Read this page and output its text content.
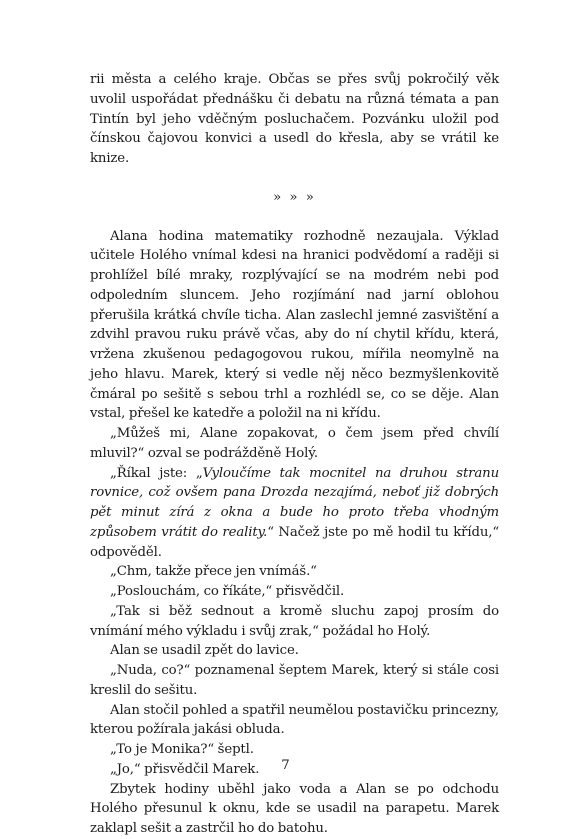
rii města a celého kraje. Občas se přes svůj pokročilý věk uvolil uspořádat přednášku či debatu na různá témata a pan Tintín byl jeho vděčným posluchačem. Pozvánku uložil pod čínskou čajovou konvici a usedl do křesla, aby se vrátil ke knize.

» » »

Alana hodina matematiky rozhodně nezaujala. Výklad učitele Holého vnímal kdesi na hranici podvědomí a raději si prohlížel bílé mraky, rozplývající se na modrém nebi pod odpoledním sluncem. Jeho rozjímání nad jarní oblohou přerušila krátká chvíle ticha. Alan zaslechl jemné zasvištění a zdvihl pravou ruku právě včas, aby do ní chytil křídu, která, vržena zkušenou pedagogovou rukou, mířila neomylně na jeho hlavu. Marek, který si vedle něj něco bezmyšlenkovitě čmáral po sešitě s sebou trhl a rozhlédl se, co se děje. Alan vstal, přešel ke katedře a položil na ni křídu.

„Můžeš mi, Alane zopakovat, o čem jsem před chvílí mluvil?“ ozval se podrážděně Holý.

„Říkal jste: „Vyloučíme tak mocnitel na druhou stranu rovnice, což ovšem pana Drozda nezajímá, neboť již dobrých pět minut zírá z okna a bude ho proto třeba vhodným způsobem vrátit do reality.“ Načež jste po mě hodil tu křídu,“ odpověděl.

„Chm, takže přece jen vnímáš.“

„Poslouchám, co říkáte,“ přisvědčil.

„Tak si běž sednout a kromě sluchu zapoj prosím do vnímání mého výkladu i svůj zrak,“ požádal ho Holý.

Alan se usadil zpět do lavice.

„Nuda, co?“ poznamenal šeptem Marek, který si stále cosi kreslil do sešitu.

Alan stočil pohled a spatřil neumělou postavičku princezny, kterou požírala jakási obluda.

„To je Monika?“ šeptl.

„Jo,“ přisvědčil Marek.

Zbytek hodiny uběhl jako voda a Alan se po odchodu Holého přesunul k oknu, kde se usadil na parapetu. Marek zaklapl sešit a zastrčil ho do batohu.

7
